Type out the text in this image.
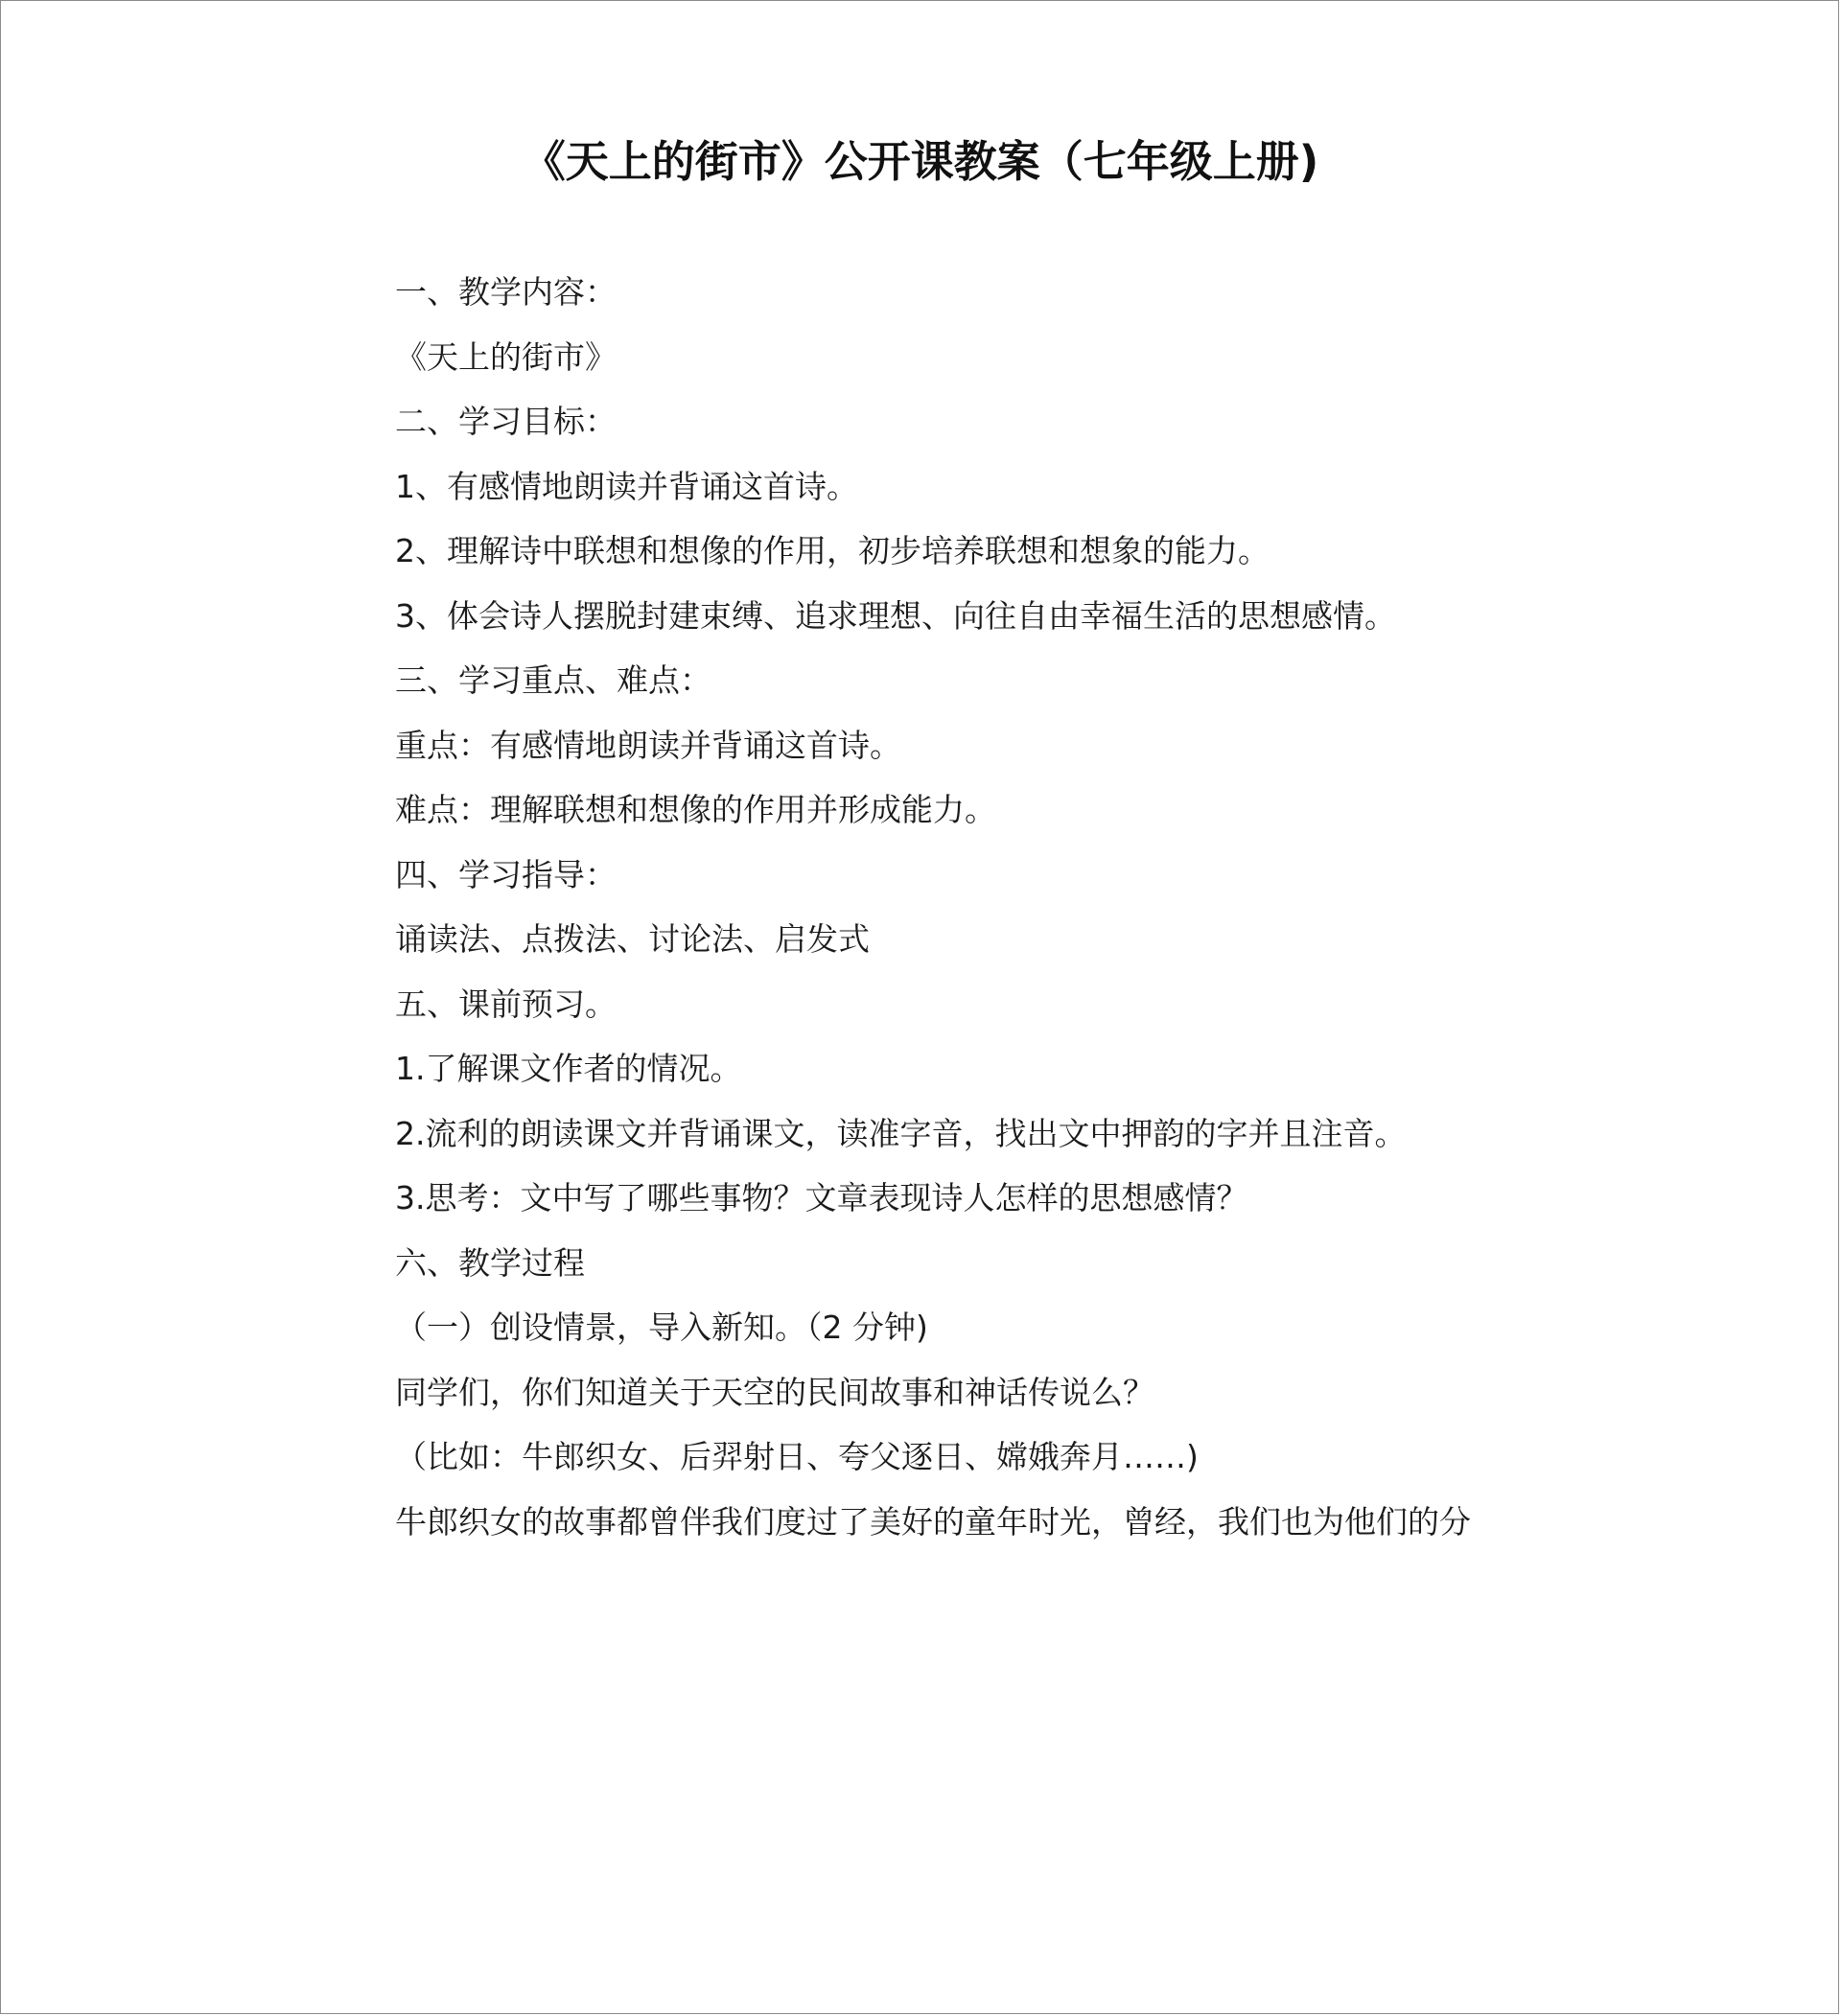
《天上的街市》公开课教案（七年级上册)
一、教学内容：
《天上的街市》
二、学习目标：
1、有感情地朗读并背诵这首诗。
2、理解诗中联想和想像的作用，初步培养联想和想象的能力。
3、体会诗人摆脱封建束缚、追求理想、向往自由幸福生活的思想感情。
三、学习重点、难点：
重点：有感情地朗读并背诵这首诗。
难点：理解联想和想像的作用并形成能力。
四、学习指导：
诵读法、点拨法、讨论法、启发式
五、课前预习。
1.了解课文作者的情况。
2.流利的朗读课文并背诵课文，读准字音，找出文中押韵的字并且注音。
3.思考：文中写了哪些事物？文章表现诗人怎样的思想感情？
六、教学过程
（一）创设情景，导入新知。（2 分钟)
同学们，你们知道关于天空的民间故事和神话传说么？
（比如：牛郎织女、后羿射日、夸父逐日、嫦娥奔月……)
牛郎织女的故事都曾伴我们度过了美好的童年时光，曾经，我们也为他们的分
